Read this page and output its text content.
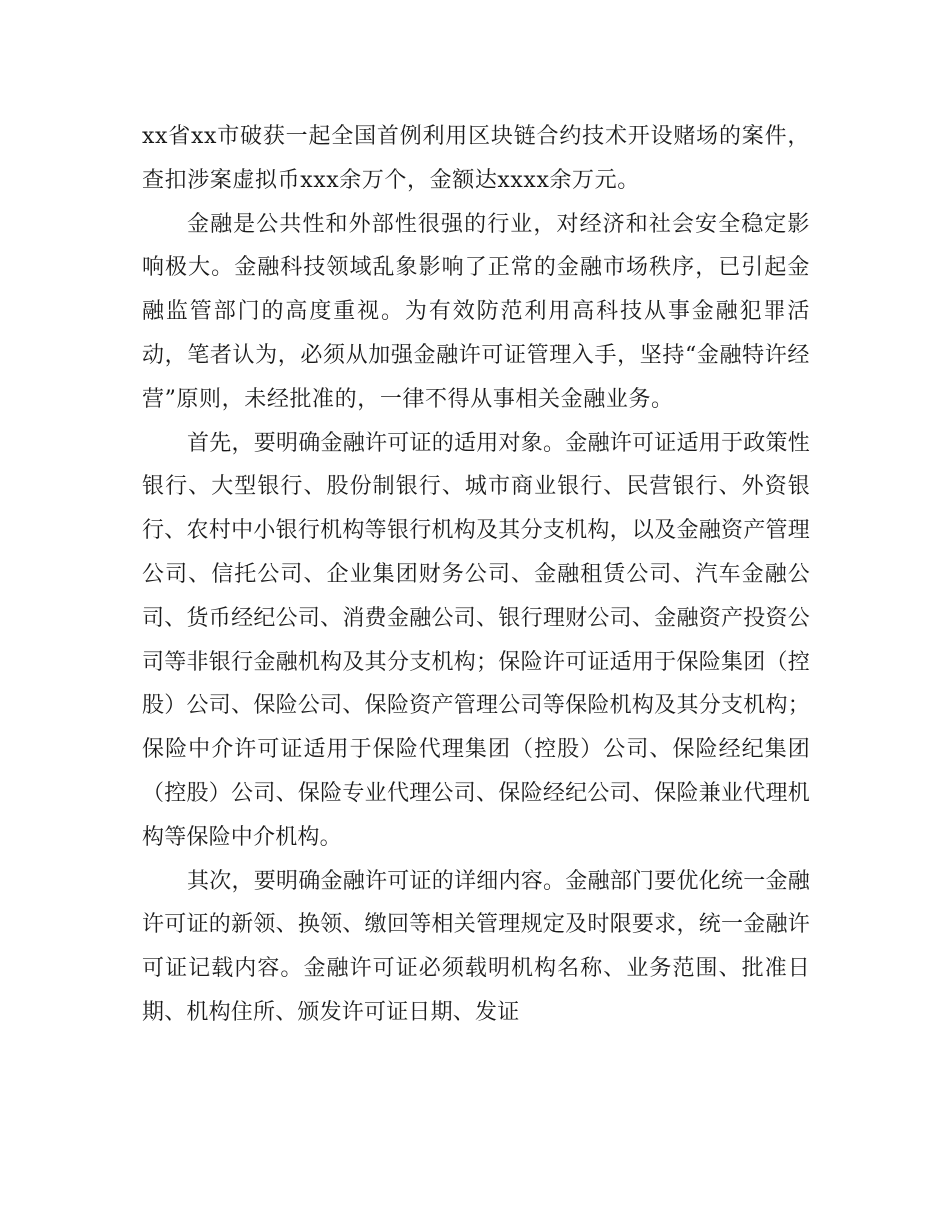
xx省xx市破获一起全国首例利用区块链合约技术开设赌场的案件，查扣涉案虚拟币xxx余万个，金额达xxxx余万元。

金融是公共性和外部性很强的行业，对经济和社会安全稳定影响极大。金融科技领域乱象影响了正常的金融市场秩序，已引起金融监管部门的高度重视。为有效防范利用高科技从事金融犯罪活动，笔者认为，必须从加强金融许可证管理入手，坚持“金融特许经营”原则，未经批准的，一律不得从事相关金融业务。

首先，要明确金融许可证的适用对象。金融许可证适用于政策性银行、大型银行、股份制银行、城市商业银行、民营银行、外资银行、农村中小银行机构等银行机构及其分支机构，以及金融资产管理公司、信托公司、企业集团财务公司、金融租赁公司、汽车金融公司、货币经纪公司、消费金融公司、银行理财公司、金融资产投资公司等非银行金融机构及其分支机构；保险许可证适用于保险集团（控股）公司、保险公司、保险资产管理公司等保险机构及其分支机构；保险中介许可证适用于保险代理集团（控股）公司、保险经纪集团（控股）公司、保险专业代理公司、保险经纪公司、保险兼业代理机构等保险中介机构。

其次，要明确金融许可证的详细内容。金融部门要优化统一金融许可证的新领、换领、缴回等相关管理规定及时限要求，统一金融许可证记载内容。金融许可证必须载明机构名称、业务范围、批准日期、机构住所、颁发许可证日期、发证
